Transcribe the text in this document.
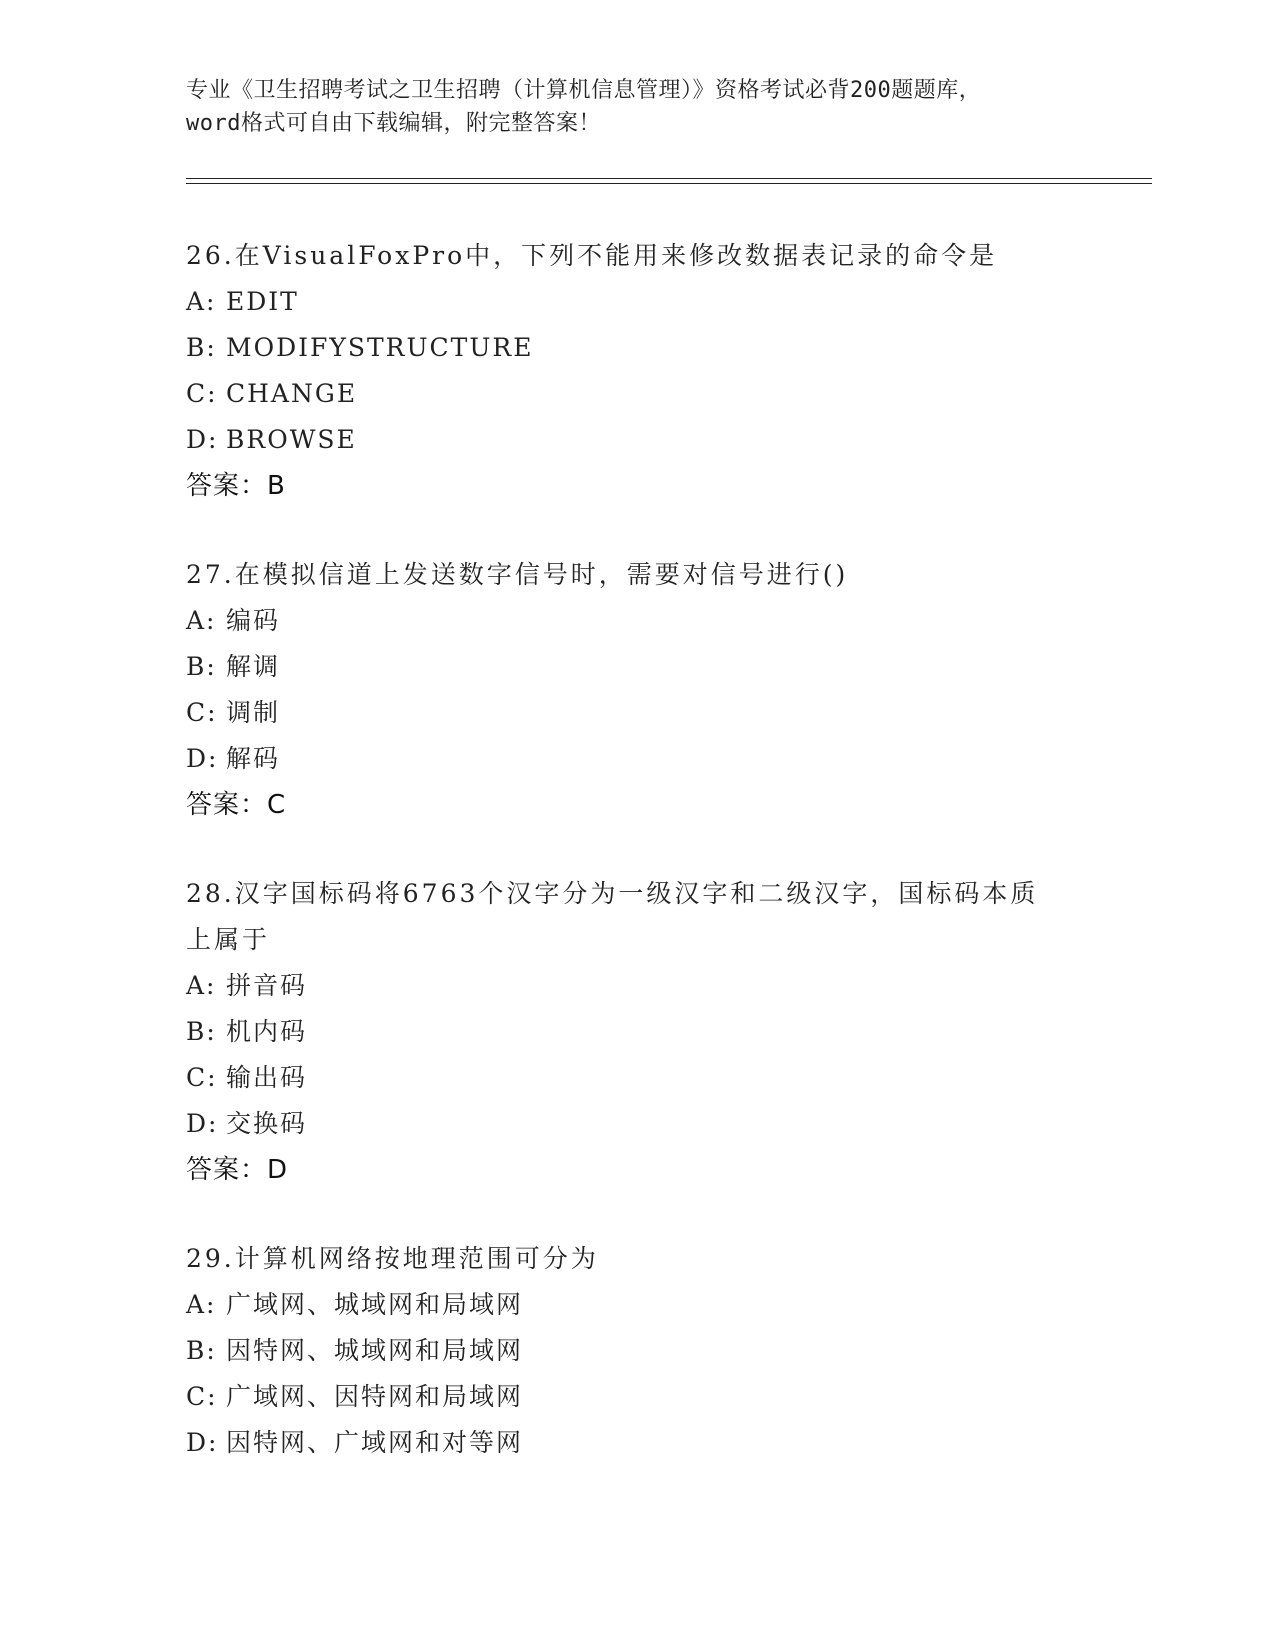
专业《卫生招聘考试之卫生招聘（计算机信息管理）》资格考试必背200题题库，
word格式可自由下载编辑，附完整答案！

26.在VisualFoxPro中，下列不能用来修改数据表记录的命令是

A: EDIT

B: MODIFYSTRUCTURE

C: CHANGE

D: BROWSE

答案：B

27.在模拟信道上发送数字信号时，需要对信号进行()

A: 编码

B: 解调

C: 调制

D: 解码

答案：C

28.汉字国标码将6763个汉字分为一级汉字和二级汉字，国标码本质上属于

A: 拼音码

B: 机内码

C: 输出码

D: 交换码

答案：D

29.计算机网络按地理范围可分为

A: 广域网、城域网和局域网

B: 因特网、城域网和局域网

C: 广域网、因特网和局域网

D: 因特网、广域网和对等网
